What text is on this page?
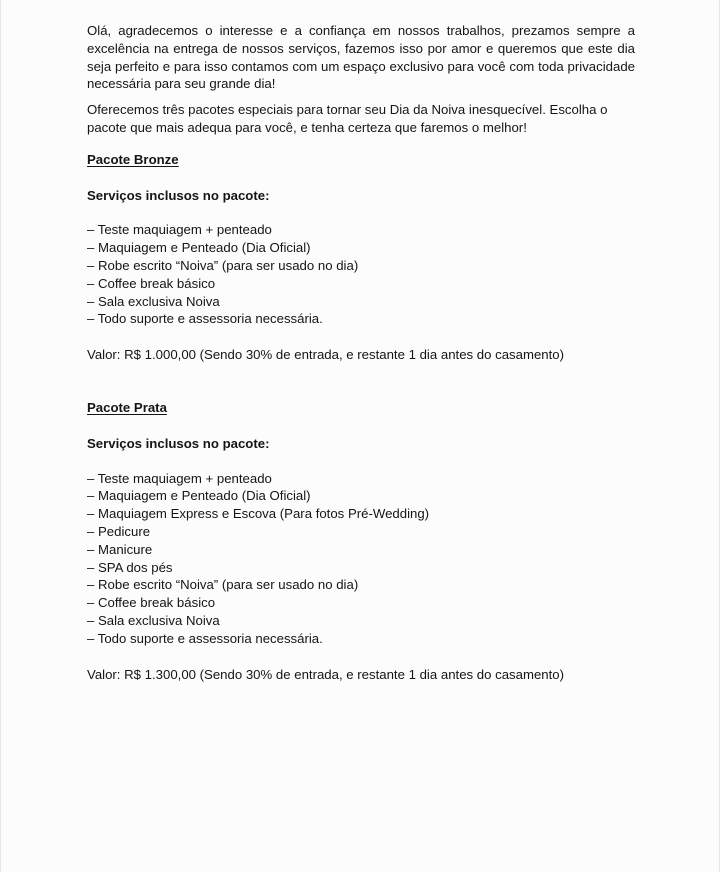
Olá, agradecemos o interesse e a confiança em nossos trabalhos, prezamos sempre a excelência na entrega de nossos serviços, fazemos isso por amor e queremos que este dia seja perfeito e para isso contamos com um espaço exclusivo para você com toda privacidade necessária para seu grande dia!

Oferecemos três pacotes especiais para tornar seu Dia da Noiva inesquecível. Escolha o pacote que mais adequa para você, e tenha certeza que faremos o melhor!

Pacote Bronze

Serviços inclusos no pacote:

– Teste maquiagem + penteado
– Maquiagem e Penteado (Dia Oficial)
– Robe escrito “Noiva” (para ser usado no dia)
– Coffee break básico
– Sala exclusiva Noiva
– Todo suporte e assessoria necessária.

Valor: R$ 1.000,00 (Sendo 30% de entrada, e restante 1 dia antes do casamento)

Pacote Prata

Serviços inclusos no pacote:

– Teste maquiagem + penteado
– Maquiagem e Penteado (Dia Oficial)
– Maquiagem Express e Escova (Para fotos Pré-Wedding)
– Pedicure
– Manicure
– SPA dos pés
– Robe escrito “Noiva” (para ser usado no dia)
– Coffee break básico
– Sala exclusiva Noiva
– Todo suporte e assessoria necessária.

Valor: R$ 1.300,00 (Sendo 30% de entrada, e restante 1 dia antes do casamento)
